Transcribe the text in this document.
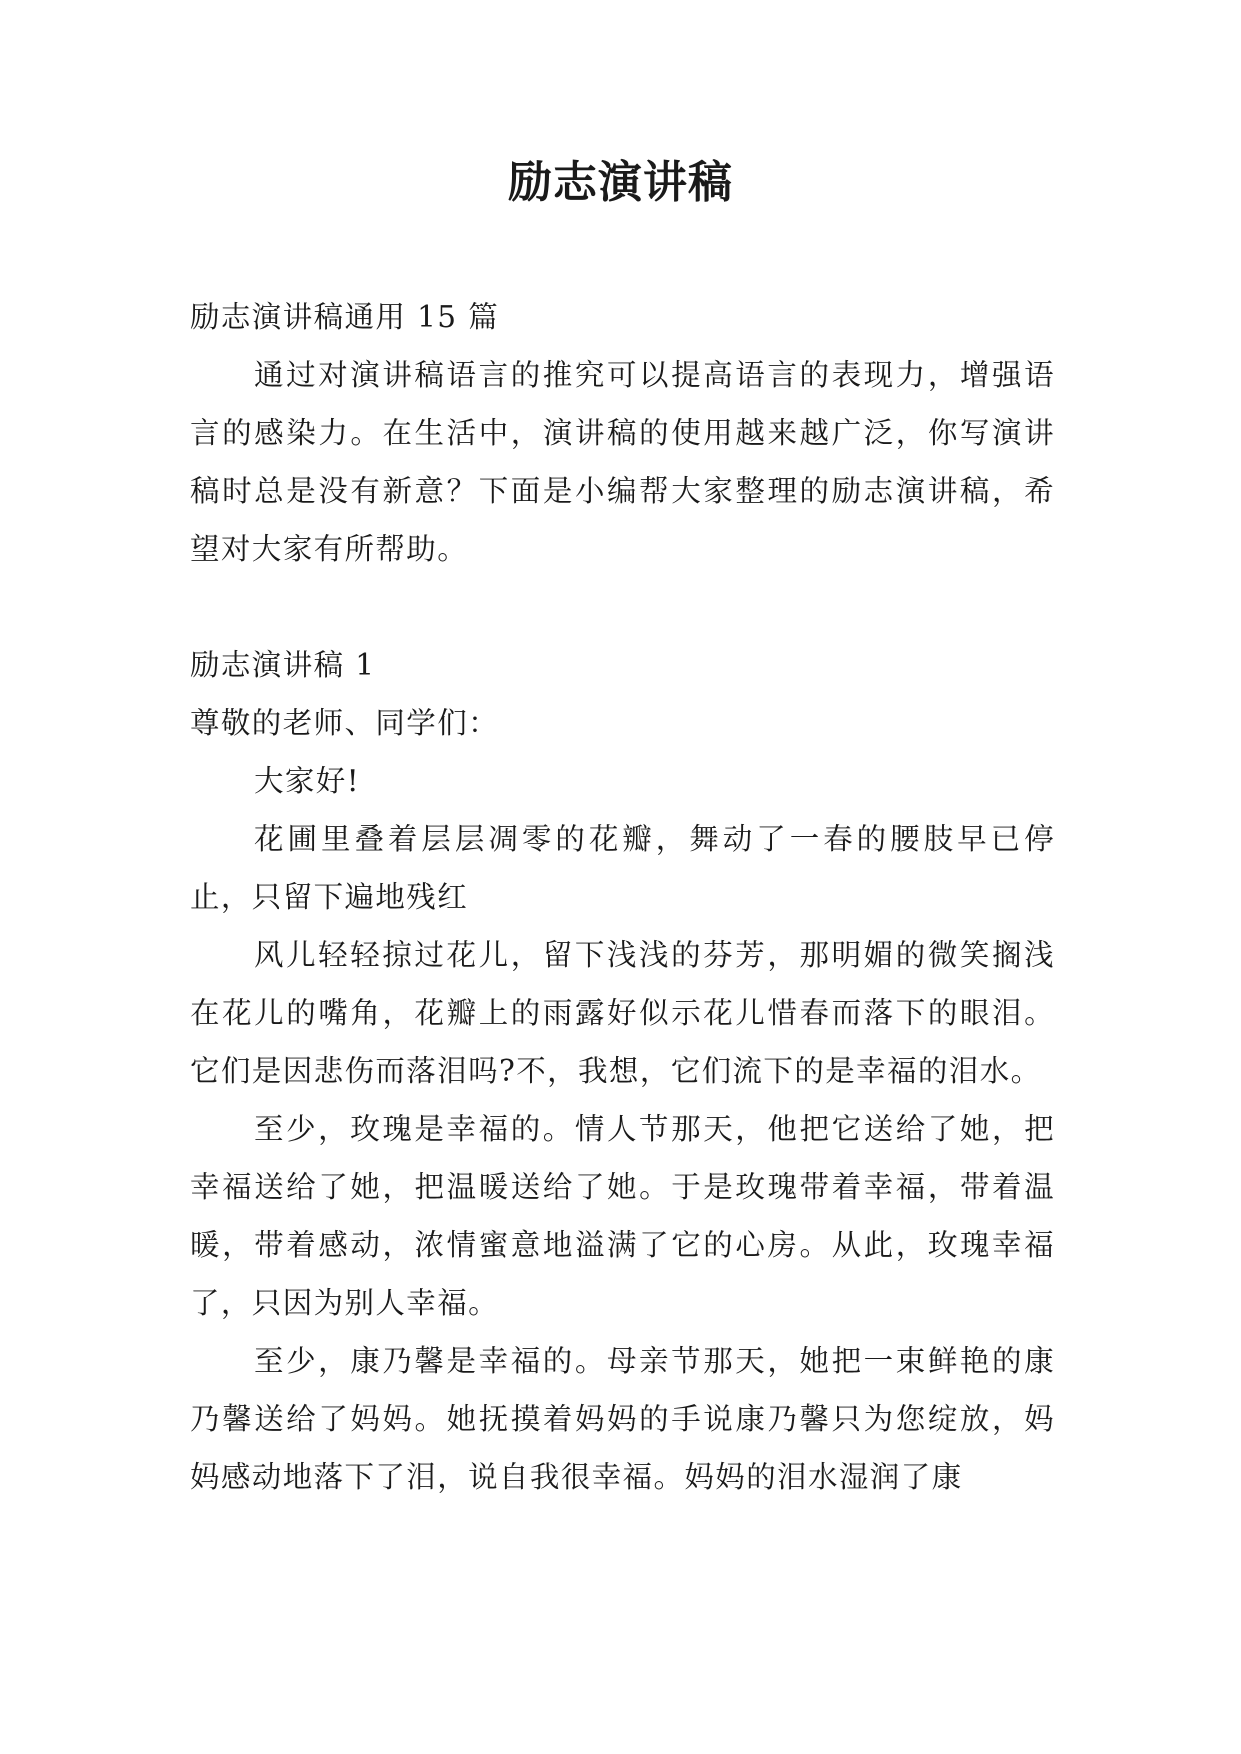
励志演讲稿

励志演讲稿通用 15 篇

通过对演讲稿语言的推究可以提高语言的表现力，增强语言的感染力。在生活中，演讲稿的使用越来越广泛，你写演讲稿时总是没有新意？下面是小编帮大家整理的励志演讲稿，希望对大家有所帮助。

励志演讲稿 1

尊敬的老师、同学们：

大家好!

花圃里叠着层层凋零的花瓣，舞动了一春的腰肢早已停止，只留下遍地残红

风儿轻轻掠过花儿，留下浅浅的芬芳，那明媚的微笑搁浅在花儿的嘴角，花瓣上的雨露好似示花儿惜春而落下的眼泪。它们是因悲伤而落泪吗?不，我想，它们流下的是幸福的泪水。

至少，玫瑰是幸福的。情人节那天，他把它送给了她，把幸福送给了她，把温暖送给了她。于是玫瑰带着幸福，带着温暖，带着感动，浓情蜜意地溢满了它的心房。从此，玫瑰幸福了，只因为别人幸福。

至少，康乃馨是幸福的。母亲节那天，她把一束鲜艳的康乃馨送给了妈妈。她抚摸着妈妈的手说康乃馨只为您绽放，妈妈感动地落下了泪，说自我很幸福。妈妈的泪水湿润了康
